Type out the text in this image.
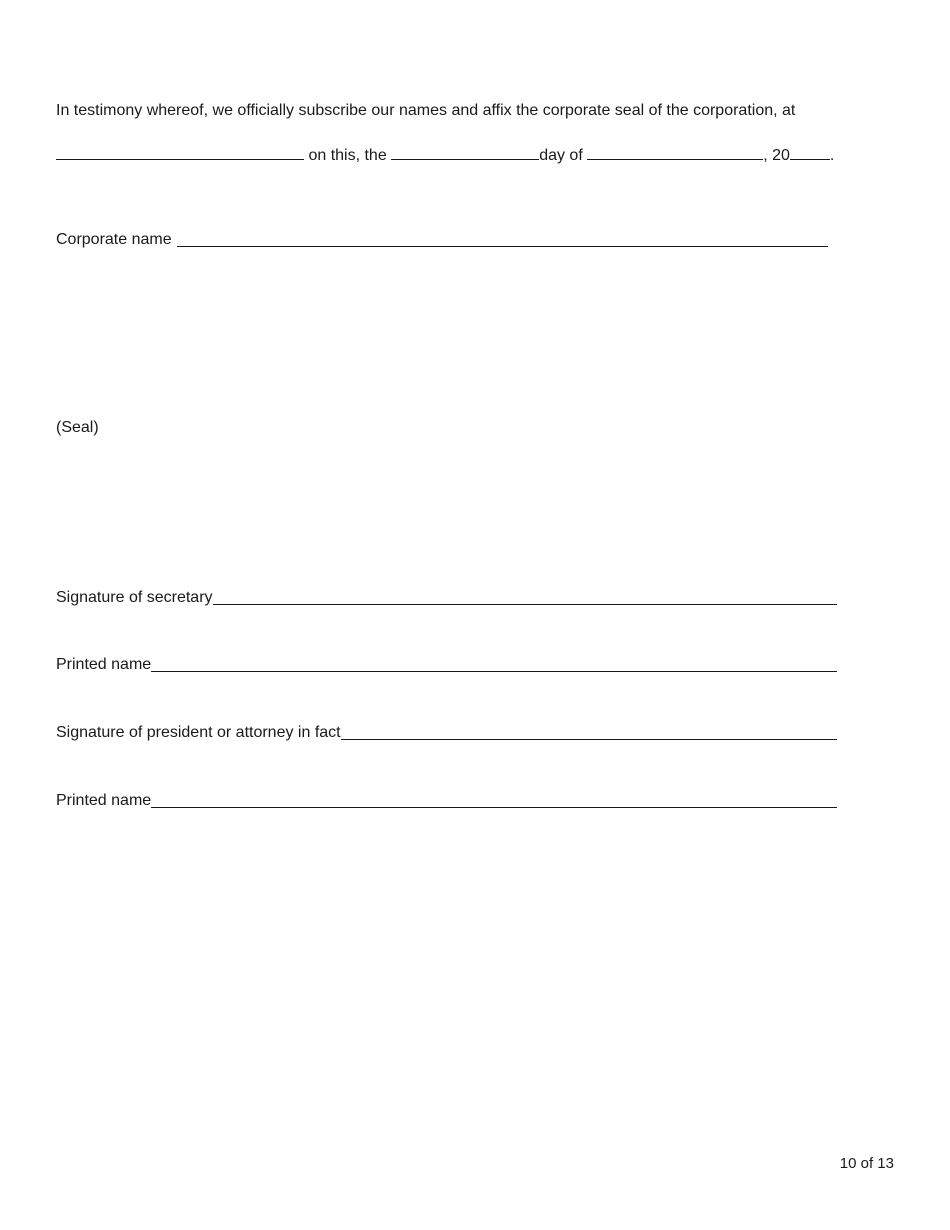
In testimony whereof, we officially subscribe our names and affix the corporate seal of the corporation, at
on this, the	day of	, 20	.
Corporate name
(Seal)
Signature of secretary
Printed name
Signature of president or attorney in fact
Printed name
10 of 13
